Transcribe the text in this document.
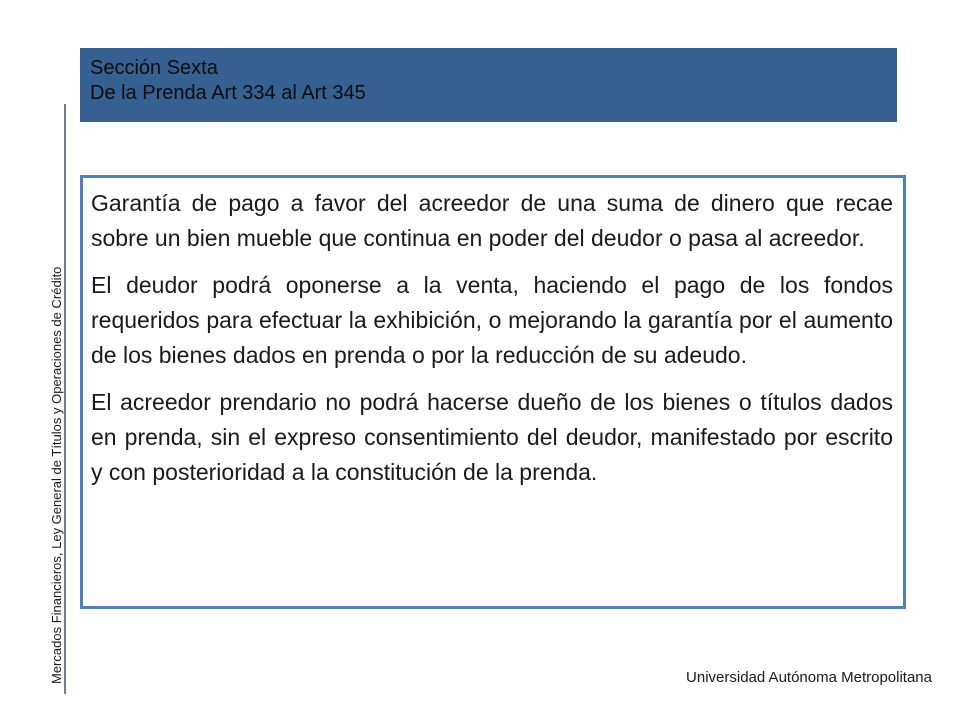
Sección Sexta
De la Prenda Art 334 al Art 345
Mercados Financieros, Ley General de Títulos y Operaciones de Crédito

Garantía de pago a favor del acreedor de una suma de dinero que recae sobre un bien mueble que continua en poder del deudor o pasa al acreedor.

El deudor podrá oponerse a la venta, haciendo el pago de los fondos requeridos para efectuar la exhibición, o mejorando la garantía por el aumento de los bienes dados en prenda o por la reducción de su adeudo.

El acreedor prendario no podrá hacerse dueño de los bienes o títulos dados en prenda, sin el expreso consentimiento del deudor, manifestado por escrito y con posterioridad a la constitución de la prenda.

Universidad Autónoma Metropolitana
